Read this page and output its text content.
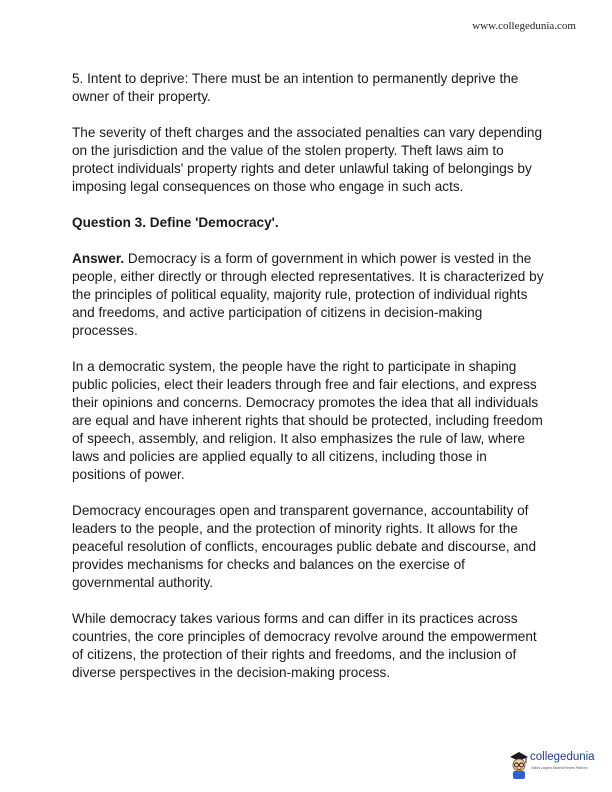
www.collegedunia.com

5. Intent to deprive: There must be an intention to permanently deprive the owner of their property.

The severity of theft charges and the associated penalties can vary depending on the jurisdiction and the value of the stolen property. Theft laws aim to protect individuals' property rights and deter unlawful taking of belongings by imposing legal consequences on those who engage in such acts.

Question 3. Define 'Democracy'.

Answer. Democracy is a form of government in which power is vested in the people, either directly or through elected representatives. It is characterized by the principles of political equality, majority rule, protection of individual rights and freedoms, and active participation of citizens in decision-making processes.

In a democratic system, the people have the right to participate in shaping public policies, elect their leaders through free and fair elections, and express their opinions and concerns. Democracy promotes the idea that all individuals are equal and have inherent rights that should be protected, including freedom of speech, assembly, and religion. It also emphasizes the rule of law, where laws and policies are applied equally to all citizens, including those in positions of power.

Democracy encourages open and transparent governance, accountability of leaders to the people, and the protection of minority rights. It allows for the peaceful resolution of conflicts, encourages public debate and discourse, and provides mechanisms for checks and balances on the exercise of governmental authority.

While democracy takes various forms and can differ in its practices across countries, the core principles of democracy revolve around the empowerment of citizens, the protection of their rights and freedoms, and the inclusion of diverse perspectives in the decision-making process.

collegedunia
India's Largest Student Review Platform
